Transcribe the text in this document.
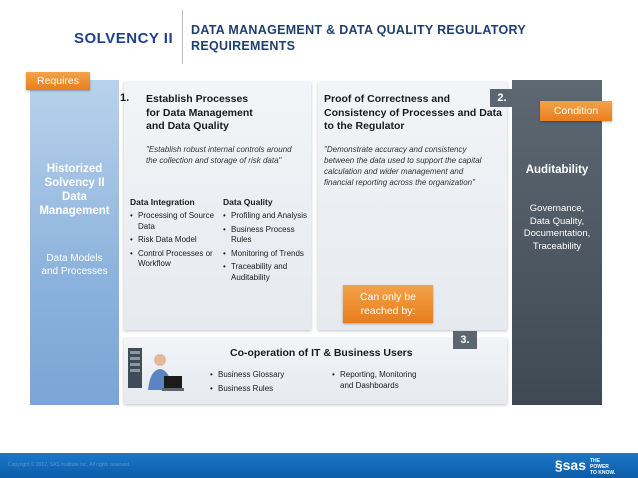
SOLVENCY II DATA MANAGEMENT & DATA QUALITY REGULATORY
REQUIREMENTS
Historized
Solvency II
Data
Management
Data Models
and Processes
Auditability
Governance,
Data Quality,
Documentation,
Traceability
1. Establish Processes
for Data Management
and Data Quality
"Establish robust internal controls around
the collection and storage of risk data"
Data Integration
• Processing of Source Data
• Risk Data Model
• Control Processes or Workflow
Data Quality
• Profiling and Analysis
• Business Process Rules
• Monitoring of Trends
• Traceability and Auditability
Proof of Correctness and
Consistency of Processes and Data
to the Regulator
"Demonstrate accuracy and consistency
between the data used to support the capital
calculation and wider management and
financial reporting across the organization"
Co-operation of IT & Business Users
• Business Glossary
• Business Rules
• Reporting, Monitoring and Dashboards
2.
3.
Requires
Condition
Can only be
reached by:
Copyright © 2012, SAS Institute Inc. All rights reserved.	§sas THE
POWER
TO KNOW.
